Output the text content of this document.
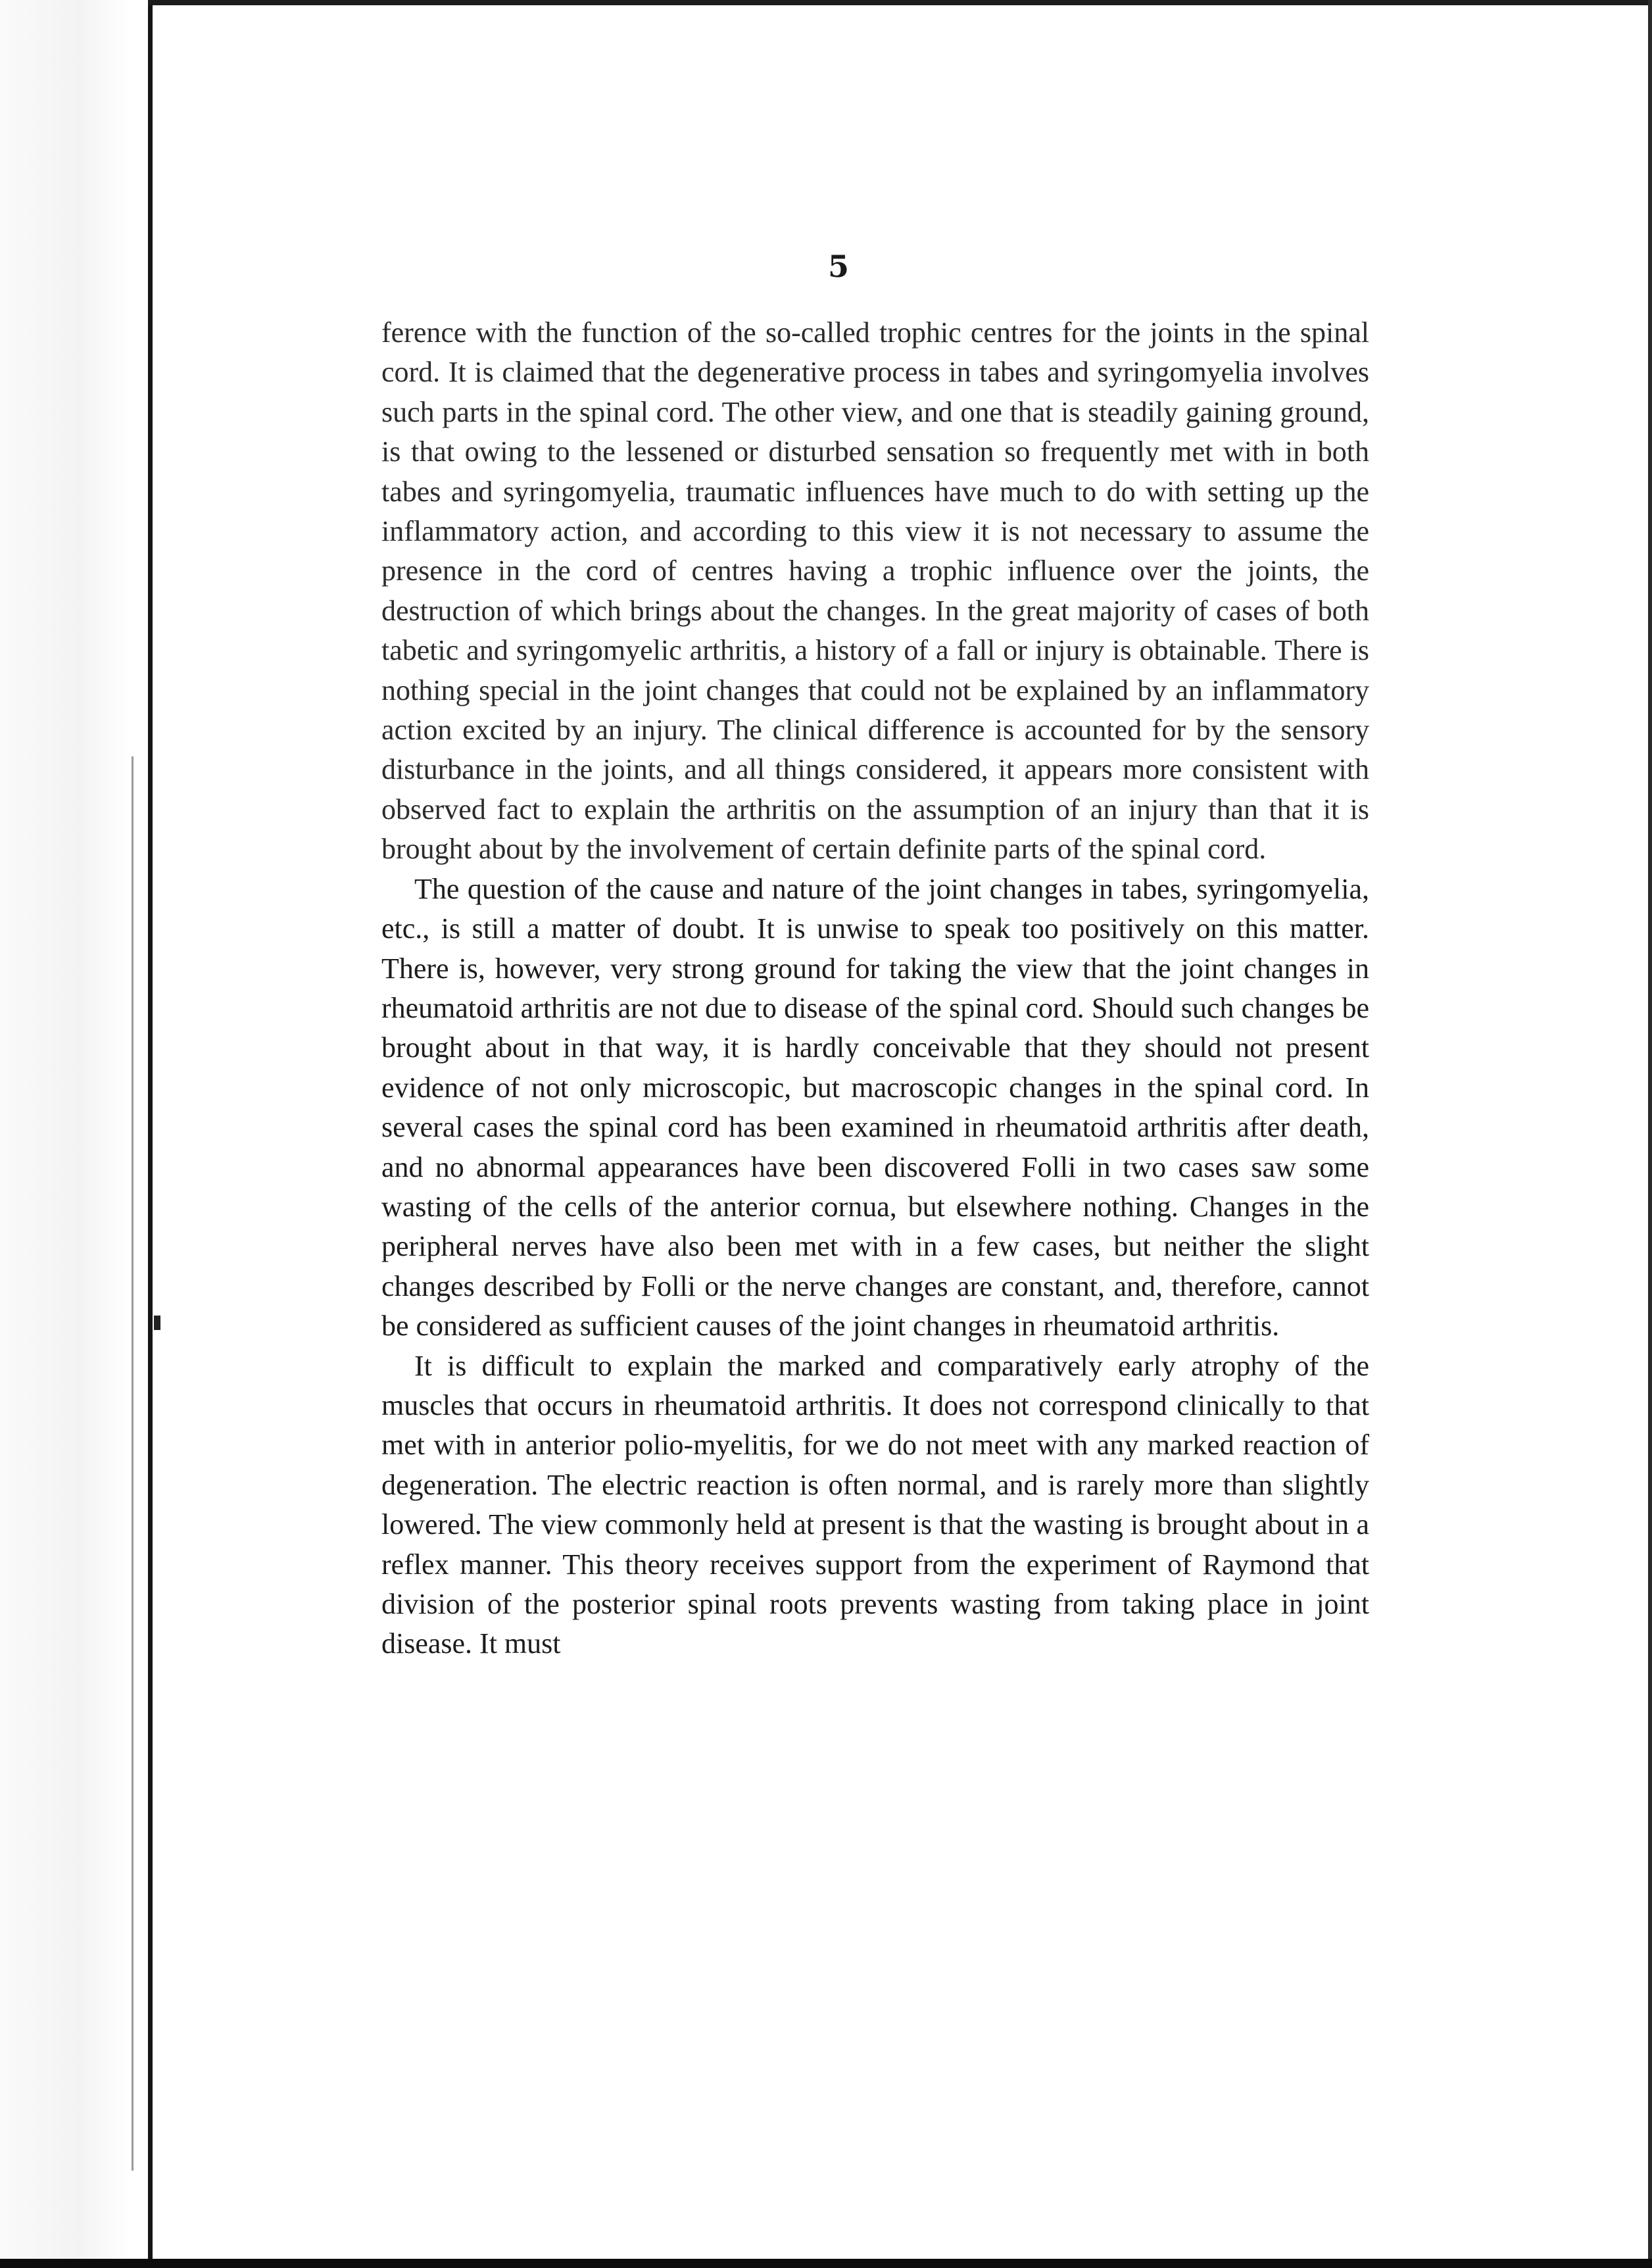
5

ference with the function of the so-called trophic centres for the joints in the spinal cord. It is claimed that the degenerative process in tabes and syringomyelia involves such parts in the spinal cord. The other view, and one that is steadily gaining ground, is that owing to the lessened or disturbed sensation so frequently met with in both tabes and syringomyelia, traumatic influences have much to do with setting up the inflammatory action, and according to this view it is not necessary to assume the presence in the cord of centres having a trophic influence over the joints, the destruction of which brings about the changes. In the great majority of cases of both tabetic and syringomyelic arthritis, a history of a fall or injury is obtainable. There is nothing special in the joint changes that could not be explained by an inflammatory action excited by an injury. The clinical difference is accounted for by the sensory disturbance in the joints, and all things considered, it appears more consistent with observed fact to explain the arthritis on the assumption of an injury than that it is brought about by the involvement of certain definite parts of the spinal cord.

The question of the cause and nature of the joint changes in tabes, syringomyelia, etc., is still a matter of doubt. It is unwise to speak too positively on this matter. There is, however, very strong ground for taking the view that the joint changes in rheumatoid arthritis are not due to disease of the spinal cord. Should such changes be brought about in that way, it is hardly conceivable that they should not present evidence of not only microscopic, but macroscopic changes in the spinal cord. In several cases the spinal cord has been examined in rheumatoid arthritis after death, and no abnormal appearances have been discovered Folli in two cases saw some wasting of the cells of the anterior cornua, but elsewhere nothing. Changes in the peripheral nerves have also been met with in a few cases, but neither the slight changes described by Folli or the nerve changes are constant, and, therefore, cannot be considered as sufficient causes of the joint changes in rheumatoid arthritis.

It is difficult to explain the marked and comparatively early atrophy of the muscles that occurs in rheumatoid arthritis. It does not correspond clinically to that met with in anterior polio-myelitis, for we do not meet with any marked reaction of degeneration. The electric reaction is often normal, and is rarely more than slightly lowered. The view commonly held at present is that the wasting is brought about in a reflex manner. This theory receives support from the experiment of Raymond that division of the posterior spinal roots prevents wasting from taking place in joint disease. It must
